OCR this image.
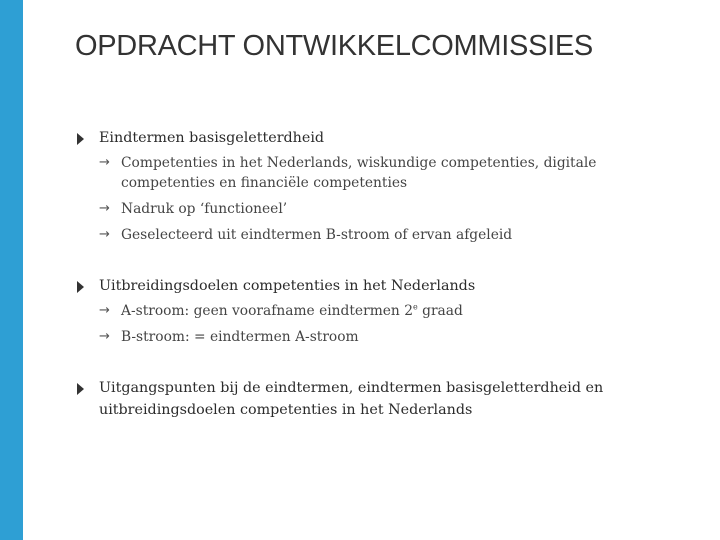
OPDRACHT ONTWIKKELCOMMISSIES
Eindtermen basisgeletterdheid
→ Competenties in het Nederlands, wiskundige competenties, digitale competenties en financiële competenties
→ Nadruk op ‘functioneel’
→ Geselecteerd uit eindtermen B-stroom of ervan afgeleid
Uitbreidingsdoelen competenties in het Nederlands
→ A-stroom: geen voorafname eindtermen 2e graad
→ B-stroom: = eindtermen A-stroom
Uitgangspunten bij de eindtermen, eindtermen basisgeletterdheid en uitbreidingsdoelen competenties in het Nederlands
